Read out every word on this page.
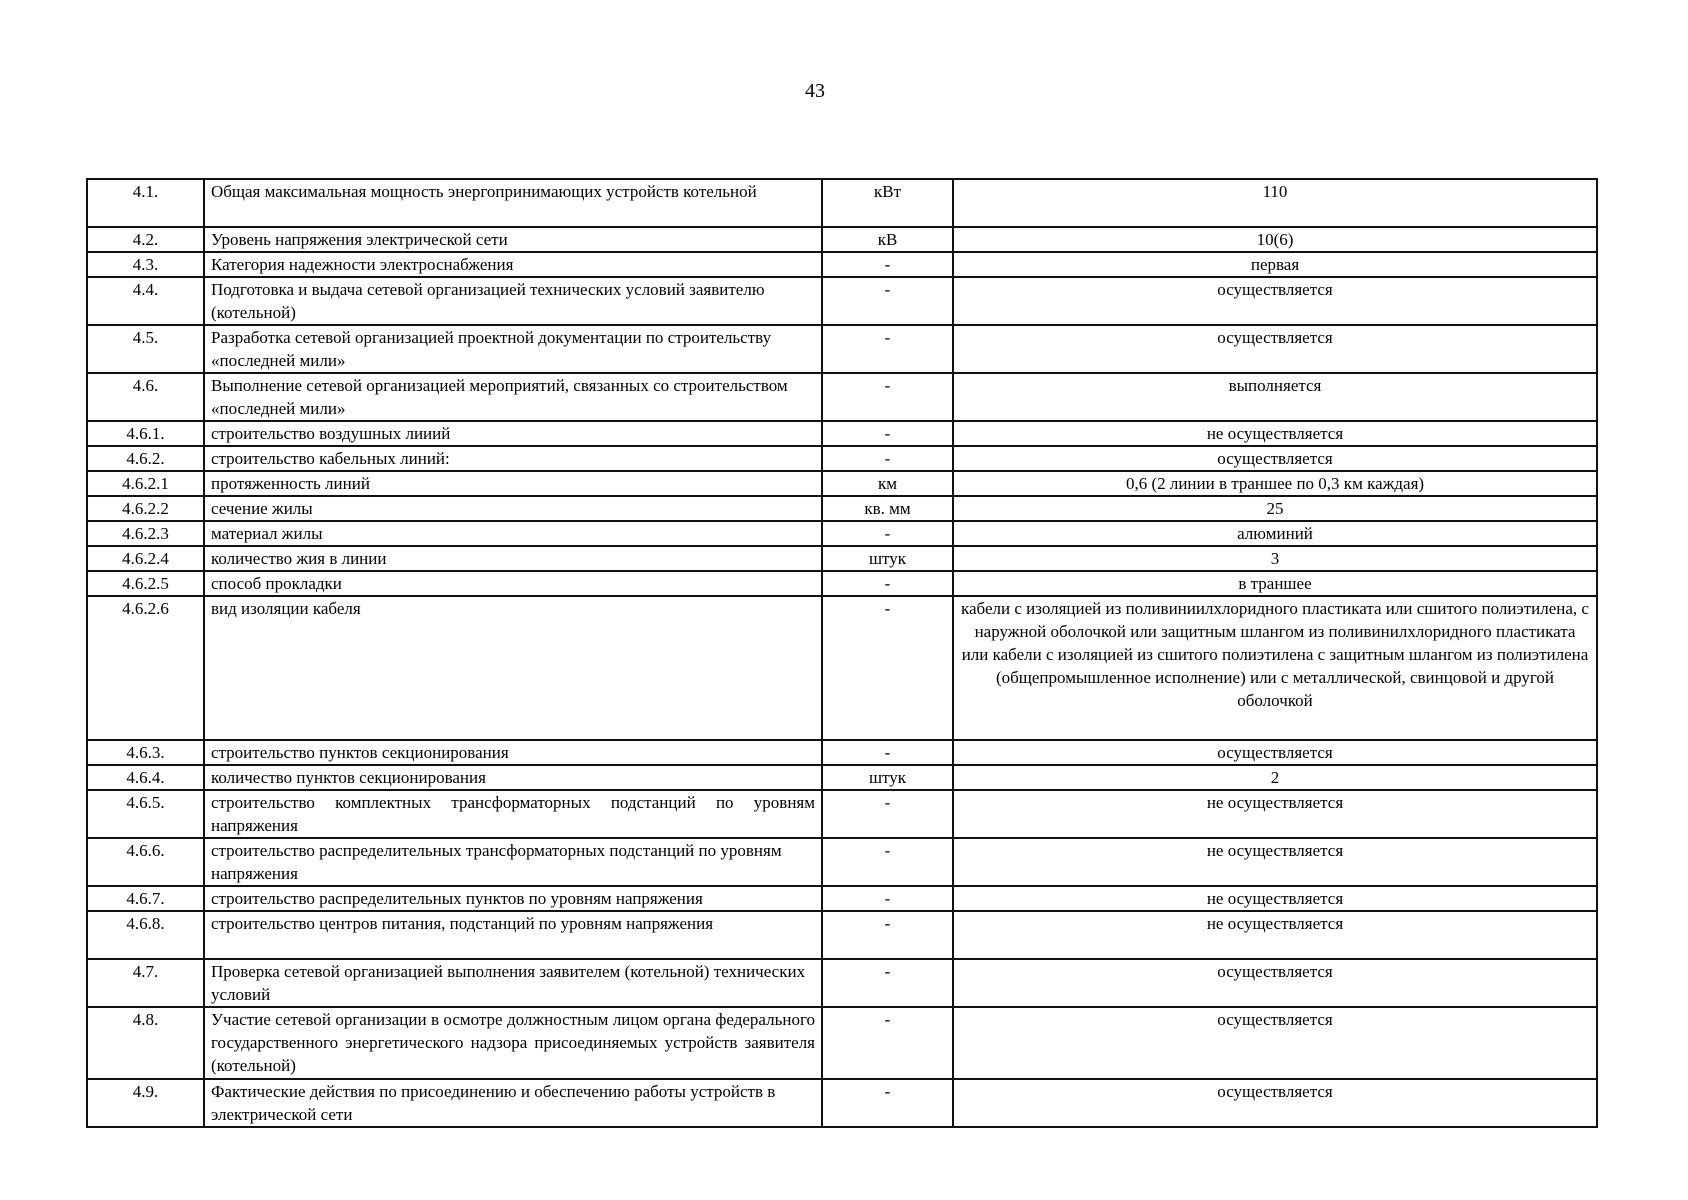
43
4.1.	Общая максимальная мощность энергопринимающих устройств котельной	кВт	110
4.2.	Уровень напряжения электрической сети	кВ	10(6)
4.3.	Категория надежности электроснабжения	-	первая
4.4.	Подготовка и выдача сетевой организацией технических условий заявителю (котельной)	-	осуществляется
4.5.	Разработка сетевой организацией проектной документации по строительству «последней мили»	-	осуществляется
4.6.	Выполнение сетевой организацией мероприятий, связанных со строительством «последней мили»	-	выполняется
4.6.1.	строительство воздушных лииий	-	не осуществляется
4.6.2.	строительство кабельных линий:	-	осуществляется
4.6.2.1	протяженность линий	км	0,6 (2 линии в траншее по 0,3 км каждая)
4.6.2.2	сечение жилы	кв. мм	25
4.6.2.3	материал жилы	-	алюминий
4.6.2.4	количество жия в линии	штук	3
4.6.2.5	способ прокладки	-	в траншее
4.6.2.6	вид изоляции кабеля	-	кабели с изоляцией из поливиниилхлоридного пластиката или сшитого полиэтилена, с наружной оболочкой или защитным шлангом из поливинилхлоридного пластиката или кабели с изоляцией из сшитого полиэтилена с защитным шлангом из полиэтилена (общепромышленное исполнение) или с металлической, свинцовой и другой оболочкой
4.6.3.	строительство пунктов секционирования	-	осуществляется
4.6.4.	количество пунктов секционирования	штук	2
4.6.5.	строительство комплектных трансформаторных подстанций по уровням напряжения	-	не осуществляется
4.6.6.	строительство распределительных трансформаторных подстанций по уровням напряжения	-	не осуществляется
4.6.7.	строительство распределительных пунктов по уровням напряжения	-	не осуществляется
4.6.8.	строительство центров питания, подстанций по уровням напряжения	-	не осуществляется
4.7.	Проверка сетевой организацией выполнения заявителем (котельной) технических условий	-	осуществляется
4.8.	Участие сетевой организации в осмотре должностным лицом органа федерального государственного энергетического надзора присоединяемых устройств заявителя (котельной)	-	осуществляется
4.9.	Фактические действия по присоединению и обеспечению работы устройств в электрической сети	-	осуществляется
